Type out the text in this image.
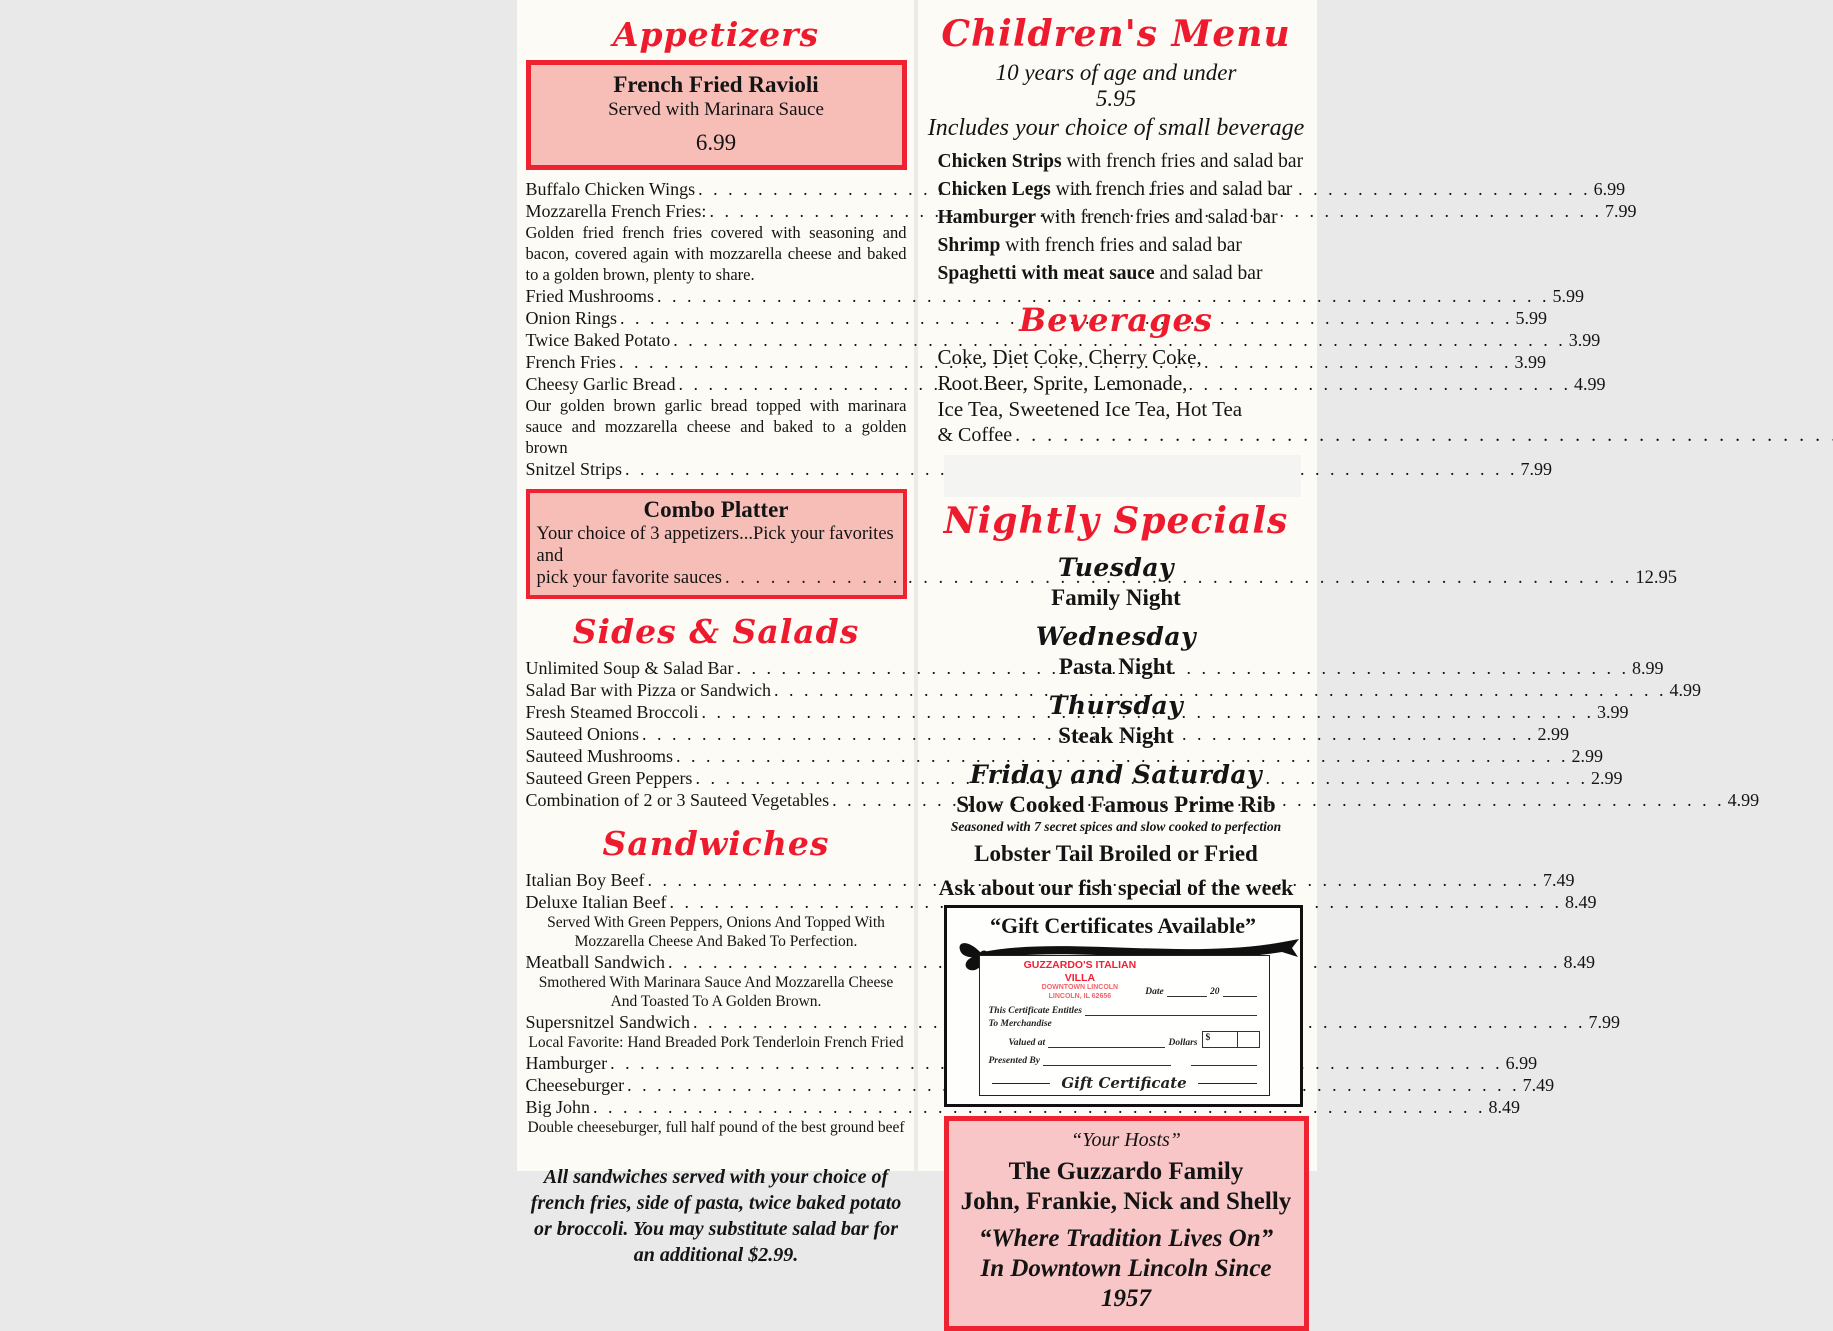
Appetizers
French Fried Ravioli
Served with Marinara Sauce
6.99
Buffalo Chicken Wings . . .	6.99
Mozzarella French Fries: . . .	7.99
Golden fried french fries covered with seasoning and bacon, covered again with mozzarella cheese and baked to a golden brown, plenty to share.
Fried Mushrooms . . .	5.99
Onion Rings . . .	5.99
Twice Baked Potato . . .	3.99
French Fries . . .	3.99
Cheesy Garlic Bread . . .	4.99
Our golden brown garlic bread topped with marinara sauce and mozzarella cheese and baked to a golden brown
Snitzel Strips . . .	7.99
Combo Platter
Your choice of 3 appetizers...Pick your favorites and
pick your favorite sauces . . .	12.95
Sides & Salads
Unlimited Soup & Salad Bar . . .	8.99
Salad Bar with Pizza or Sandwich . . .	4.99
Fresh Steamed Broccoli . . .	3.99
Sauteed Onions . . .	2.99
Sauteed Mushrooms . . .	2.99
Sauteed Green Peppers . . .	2.99
Combination of 2 or 3 Sauteed Vegetables . . .	4.99
Sandwiches
Italian Boy Beef . . .	7.49
Deluxe Italian Beef . . .	8.49
Served With Green Peppers, Onions And Topped With Mozzarella Cheese And Baked To Perfection.
Meatball Sandwich . . .	8.49
Smothered With Marinara Sauce And Mozzarella Cheese And Toasted To A Golden Brown.
Supersnitzel Sandwich . . .	7.99
Local Favorite: Hand Breaded Pork Tenderloin French Fried
Hamburger . . .	6.99
Cheeseburger . . .	7.49
Big John . . .	8.49
Double cheeseburger, full half pound of the best ground beef
All sandwiches served with your choice of french fries, side of pasta, twice baked potato or broccoli. You may substitute salad bar for an additional $2.99.
Children's Menu
10 years of age and under
5.95
Includes your choice of small beverage
Chicken Strips with french fries and salad bar
Chicken Legs with french fries and salad bar
Hamburger with french fries and salad bar
Shrimp with french fries and salad bar
Spaghetti with meat sauce and salad bar
Beverages
Coke, Diet Coke, Cherry Coke,
Root Beer, Sprite, Lemonade,
Ice Tea, Sweetened Ice Tea, Hot Tea
& Coffee
. . .
Nightly Specials
Tuesday
Family Night
Wednesday
Pasta Night
Thursday
Steak Night
Friday and Saturday
Slow Cooked Famous Prime Rib
Seasoned with 7 secret spices and slow cooked to perfection
Lobster Tail Broiled or Fried
Ask about our fish special of the week
“Gift Certificates Available”
GUZZARDO'S ITALIAN VILLA
DOWNTOWN LINCOLN
LINCOLN, IL 62656	Date	20
This Certificate Entitles
To Merchandise
Valued at	Dollars $
Presented By
Gift Certificate
“Your Hosts”
The Guzzardo Family
John, Frankie, Nick and Shelly
“Where Tradition Lives On”
In Downtown Lincoln Since 1957
